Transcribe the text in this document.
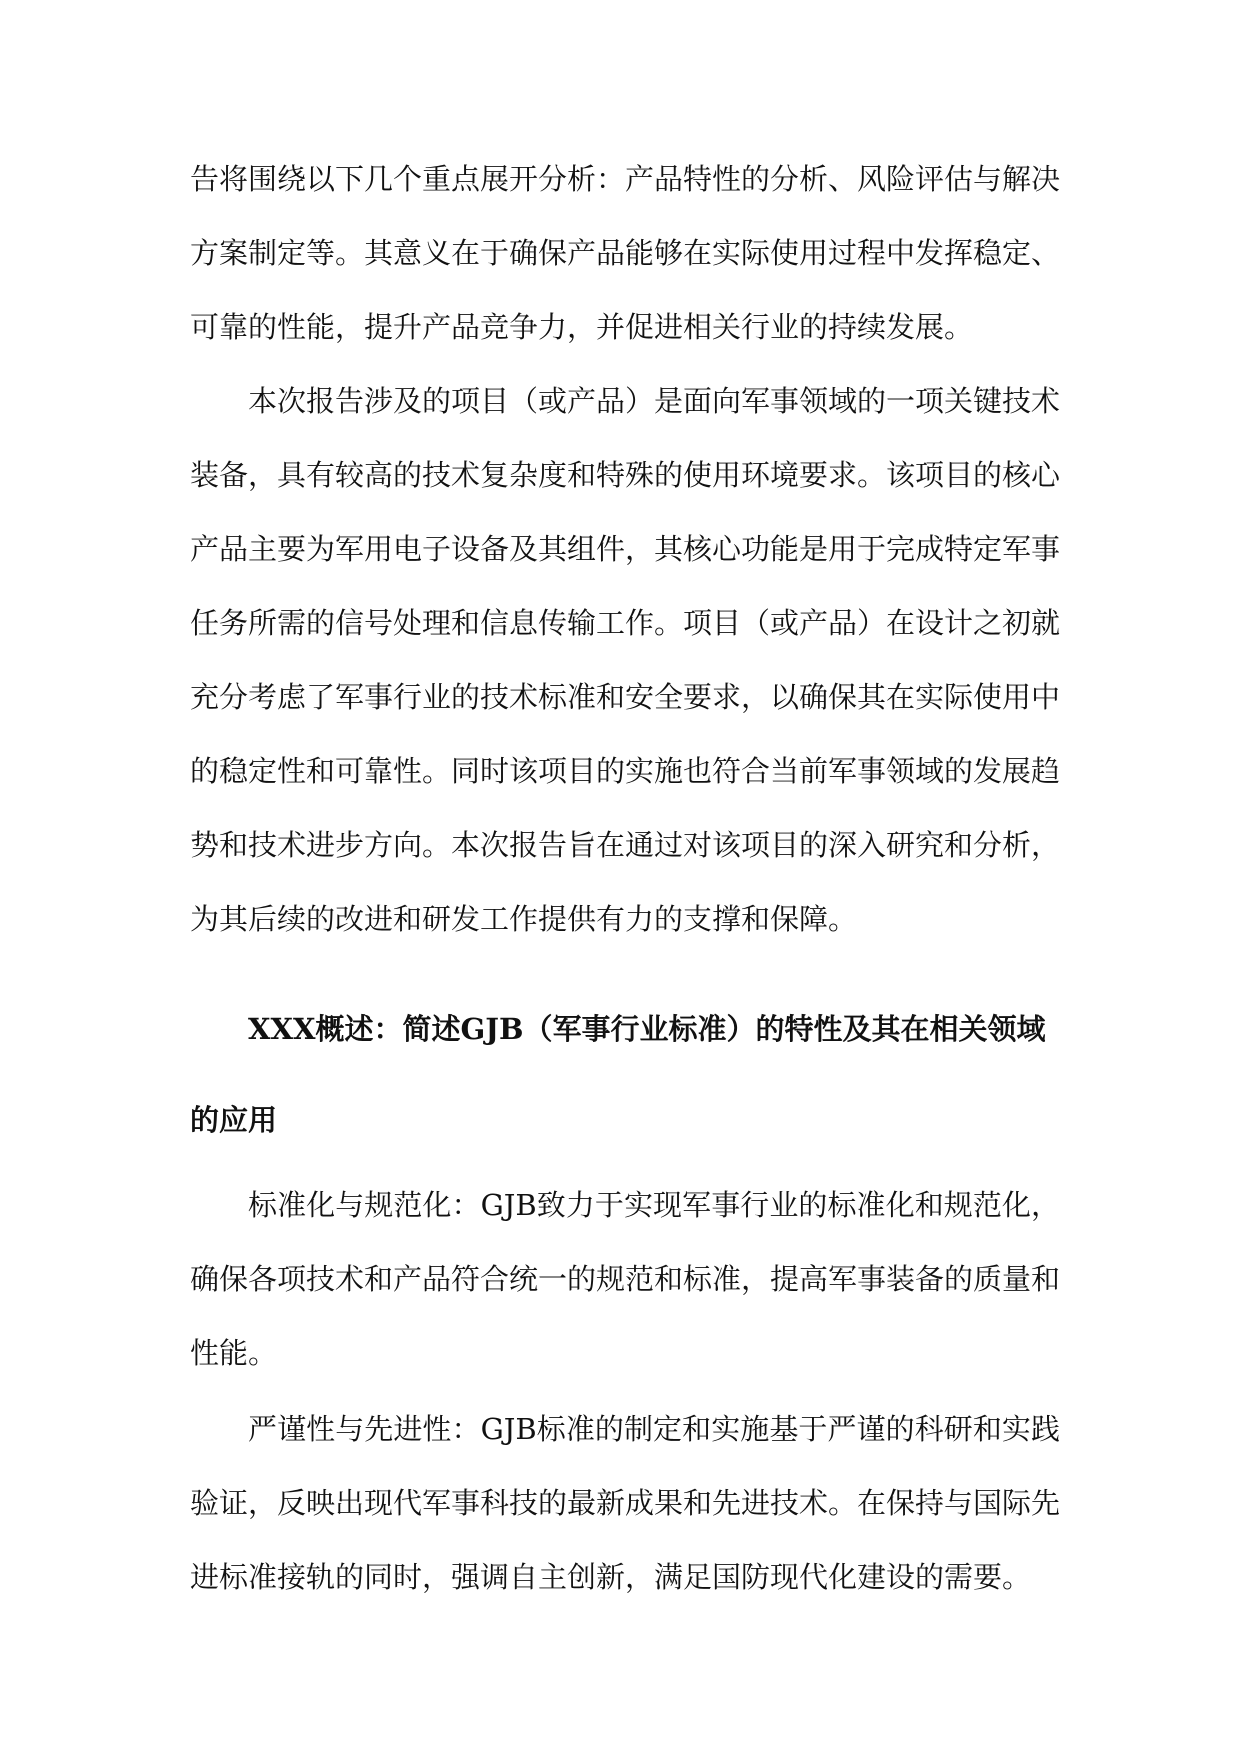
告将围绕以下几个重点展开分析：产品特性的分析、风险评估与解决方案制定等。其意义在于确保产品能够在实际使用过程中发挥稳定、可靠的性能，提升产品竞争力，并促进相关行业的持续发展。

本次报告涉及的项目（或产品）是面向军事领域的一项关键技术装备，具有较高的技术复杂度和特殊的使用环境要求。该项目的核心产品主要为军用电子设备及其组件，其核心功能是用于完成特定军事任务所需的信号处理和信息传输工作。项目（或产品）在设计之初就充分考虑了军事行业的技术标准和安全要求，以确保其在实际使用中的稳定性和可靠性。同时该项目的实施也符合当前军事领域的发展趋势和技术进步方向。本次报告旨在通过对该项目的深入研究和分析，为其后续的改进和研发工作提供有力的支撑和保障。

XXX概述：简述GJB（军事行业标准）的特性及其在相关领域的应用

标准化与规范化：GJB致力于实现军事行业的标准化和规范化，确保各项技术和产品符合统一的规范和标准，提高军事装备的质量和性能。

严谨性与先进性：GJB标准的制定和实施基于严谨的科研和实践验证，反映出现代军事科技的最新成果和先进技术。在保持与国际先进标准接轨的同时，强调自主创新，满足国防现代化建设的需要。
